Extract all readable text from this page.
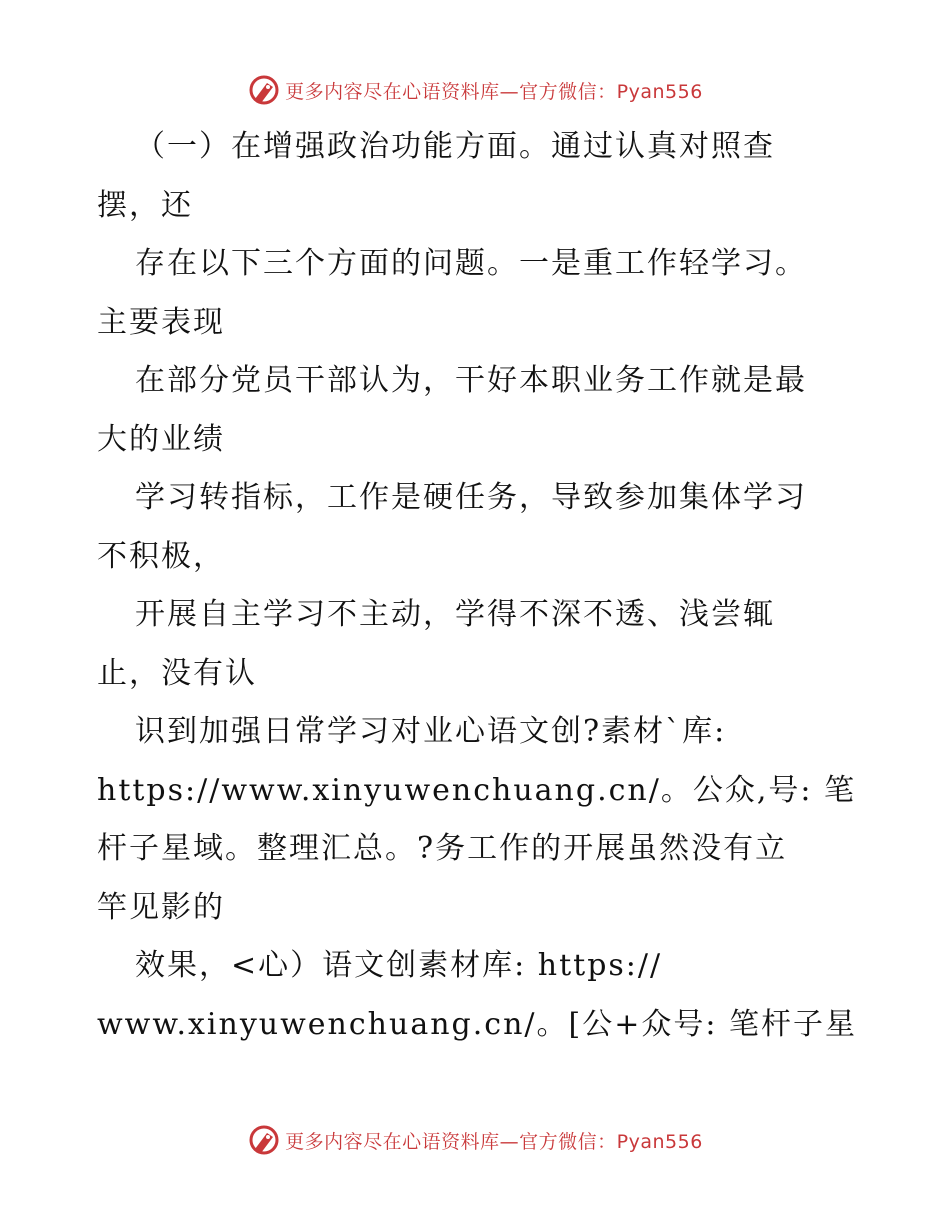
更多内容尽在心语资料库—官方微信：Pyan556
（一）在增强政治功能方面。通过认真对照查
摆，还
存在以下三个方面的问题。一是重工作轻学习。
主要表现
在部分党员干部认为，干好本职业务工作就是最
大的业绩
学习转指标，工作是硬任务，导致参加集体学习
不积极，
开展自主学习不主动，学得不深不透、浅尝辄
止，没有认
识到加强日常学习对业心语文创?素材`库:
https://www.xinyuwenchuang.cn/。公众,号: 笔
杆子星域。整理汇总。?务工作的开展虽然没有立
竿见影的
效果，<心）语文创素材库: https://
www.xinyuwenchuang.cn/。[公+众号: 笔杆子星
更多内容尽在心语资料库—官方微信：Pyan556
